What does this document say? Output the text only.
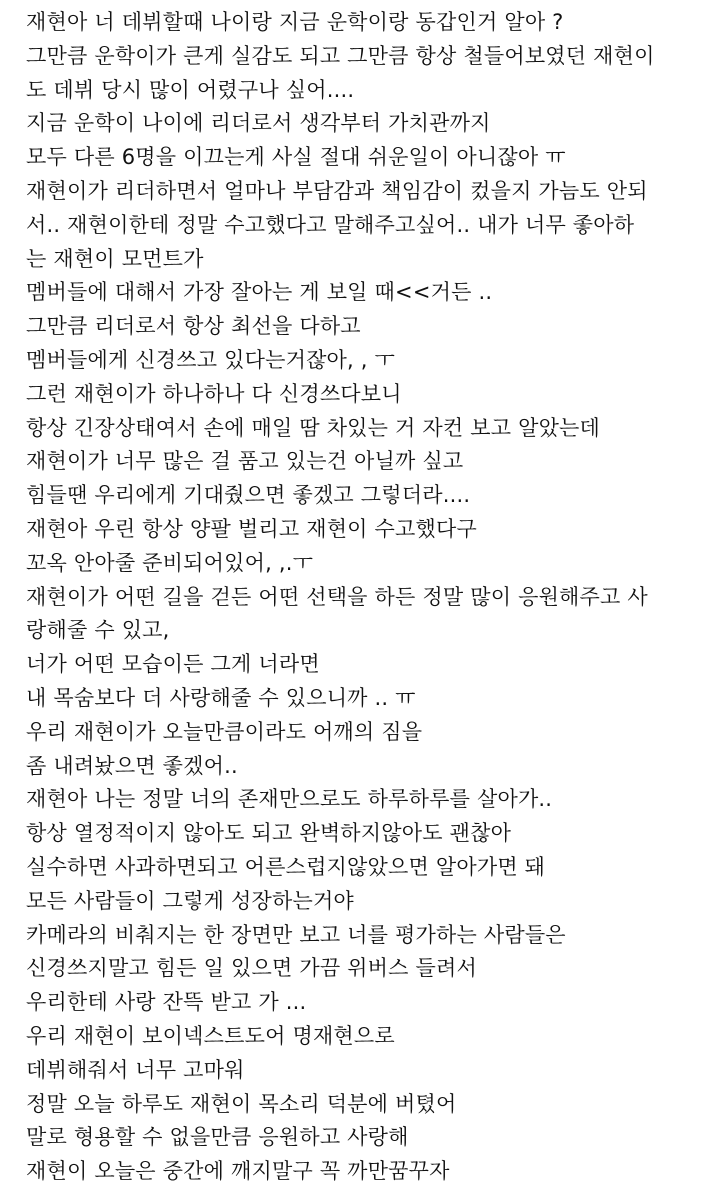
재현아 너 데뷔할때 나이랑 지금 운학이랑 동갑인거 알아 ?
그만큼 운학이가 큰게 실감도 되고 그만큼 항상 철들어보였던 재현이
도 데뷔 당시 많이 어렸구나 싶어....
지금 운학이 나이에 리더로서 생각부터 가치관까지
모두 다른 6명을 이끄는게 사실 절대 쉬운일이 아니잖아 ㅠ
재현이가 리더하면서 얼마나 부담감과 책임감이 컸을지 가늠도 안되
서.. 재현이한테 정말 수고했다고 말해주고싶어.. 내가 너무 좋아하
는 재현이 모먼트가
멤버들에 대해서 가장 잘아는 게 보일 때<<거든 ..
그만큼 리더로서 항상 최선을 다하고
멤버들에게 신경쓰고 있다는거잖아, , ㅜ
그런 재현이가 하나하나 다 신경쓰다보니
항상 긴장상태여서 손에 매일 땀 차있는 거 자컨 보고 알았는데
재현이가 너무 많은 걸 품고 있는건 아닐까 싶고
힘들땐 우리에게 기대줬으면 좋겠고 그렇더라....
재현아 우린 항상 양팔 벌리고 재현이 수고했다구
꼬옥 안아줄 준비되어있어, ,.ㅜ
재현이가 어떤 길을 걷든 어떤 선택을 하든 정말 많이 응원해주고 사
랑해줄 수 있고,
너가 어떤 모습이든 그게 너라면
내 목숨보다 더 사랑해줄 수 있으니까 .. ㅠ
우리 재현이가 오늘만큼이라도 어깨의 짐을
좀 내려놨으면 좋겠어..
재현아 나는 정말 너의 존재만으로도 하루하루를 살아가..
항상 열정적이지 않아도 되고 완벽하지않아도 괜찮아
실수하면 사과하면되고 어른스럽지않았으면 알아가면 돼
모든 사람들이 그렇게 성장하는거야
카메라의 비춰지는 한 장면만 보고 너를 평가하는 사람들은
신경쓰지말고 힘든 일 있으면 가끔 위버스 들려서
우리한테 사랑 잔뜩 받고 가 ...
우리 재현이 보이넥스트도어 명재현으로
데뷔해줘서 너무 고마워
정말 오늘 하루도 재현이 목소리 덕분에 버텼어
말로 형용할 수 없을만큼 응원하고 사랑해
재현이 오늘은 중간에 깨지말구 꼭 까만꿈꾸자
